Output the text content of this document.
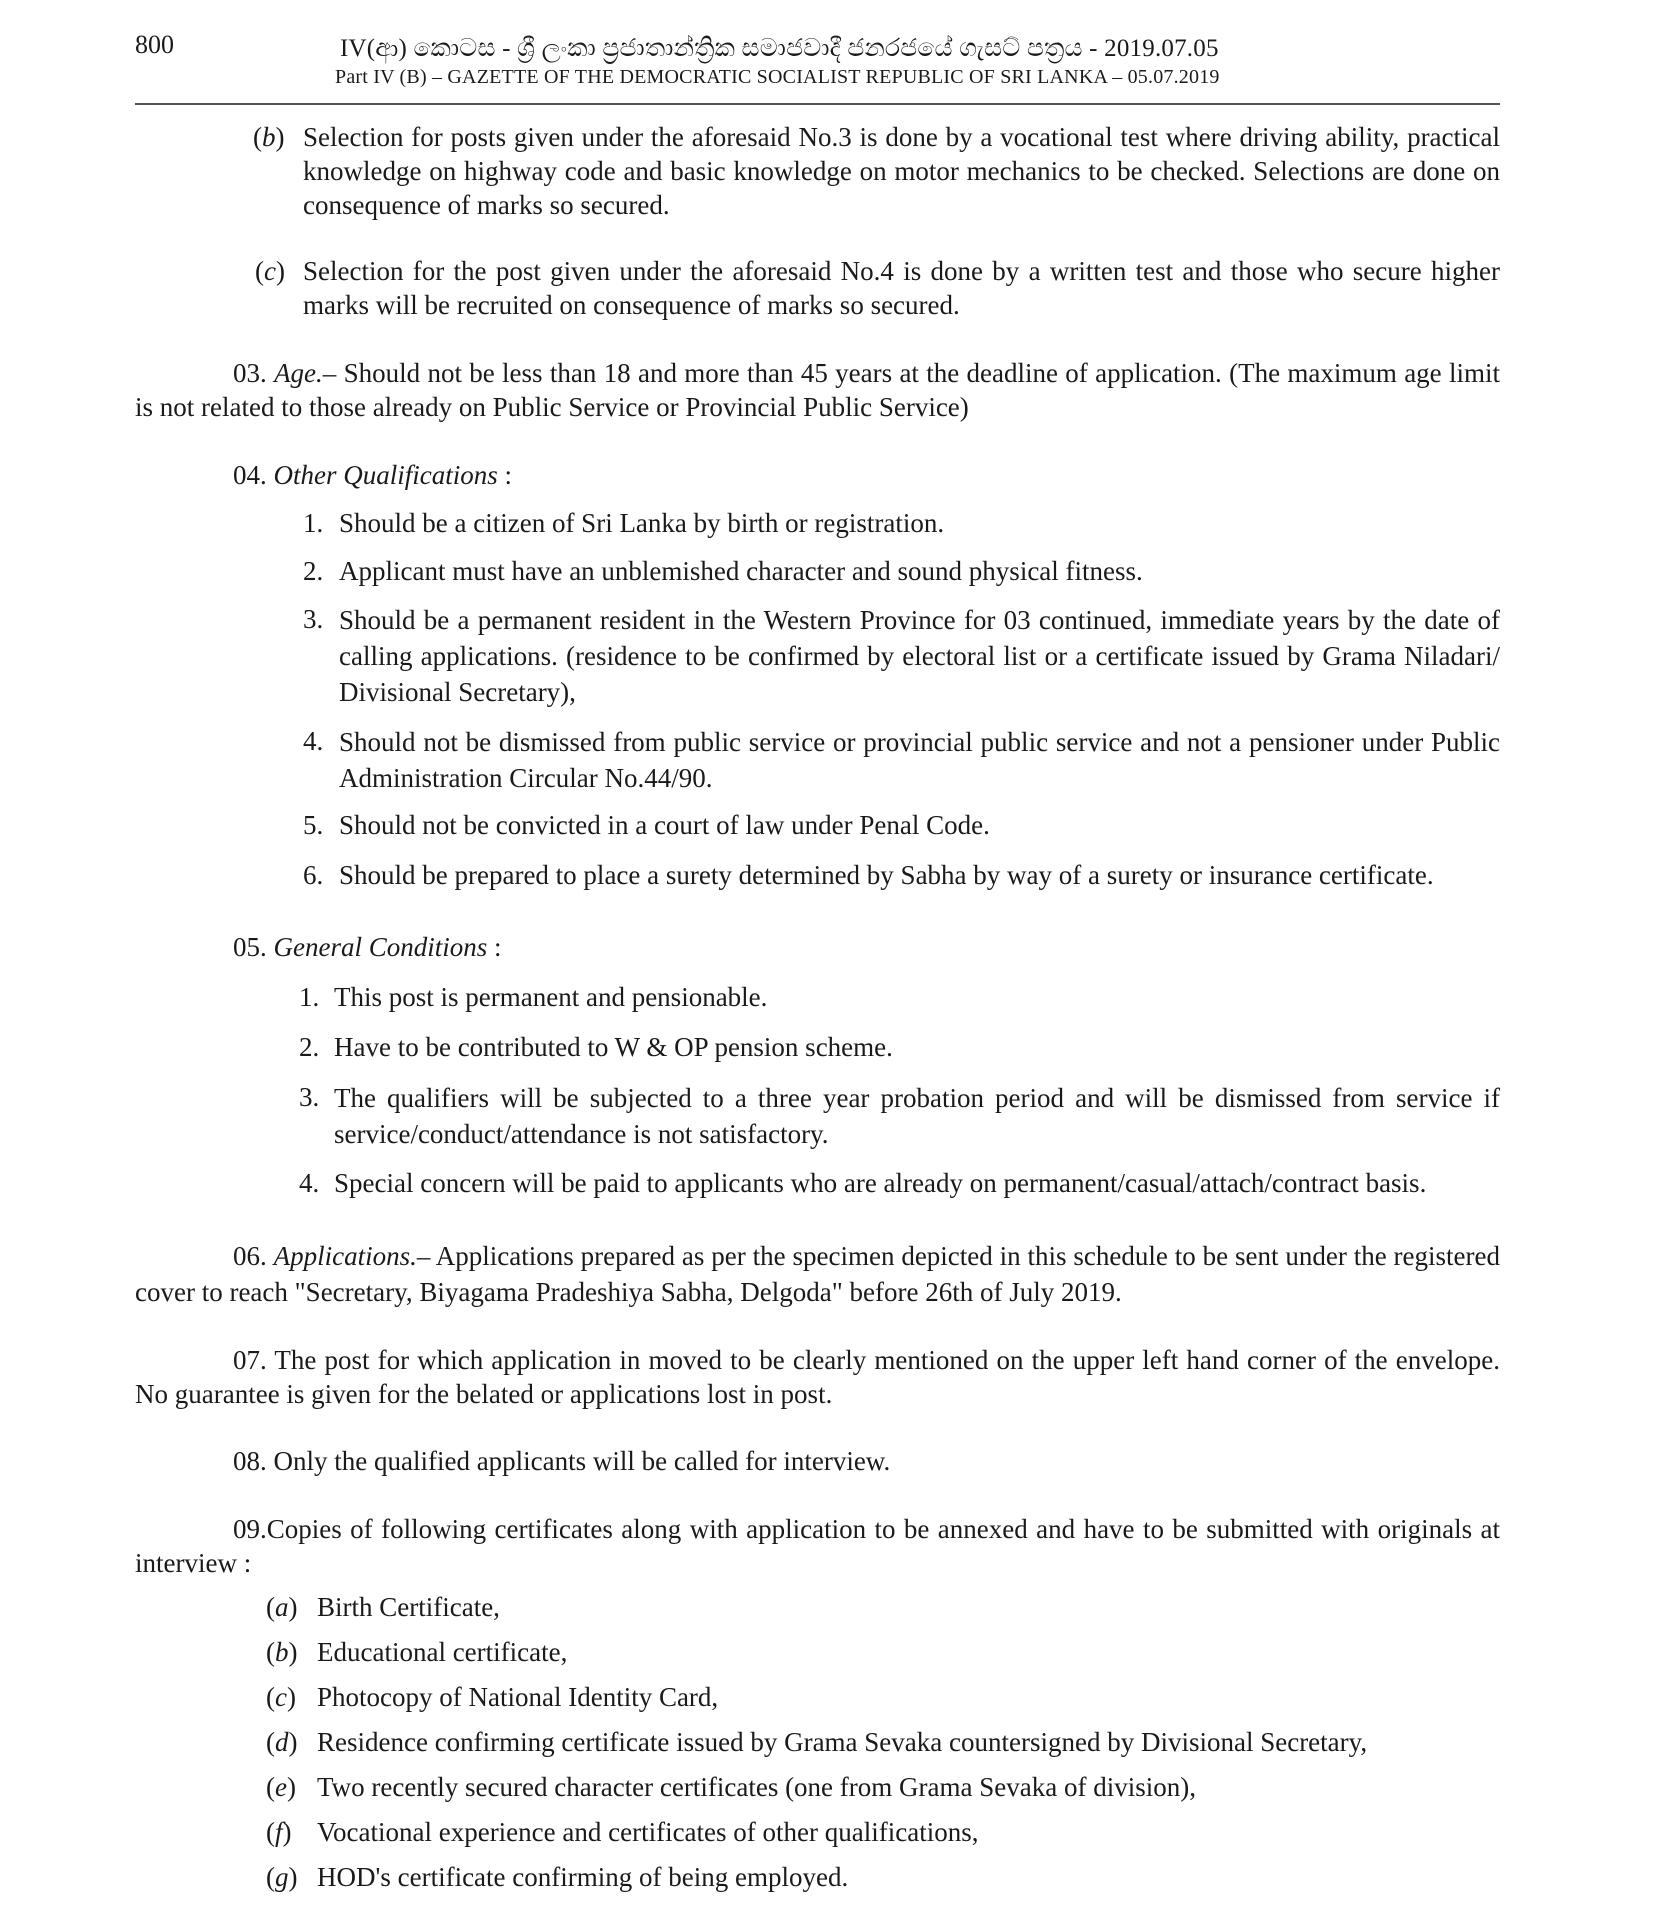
800	IV(ආ) කොටස - ශ්‍රී ලංකා ප්‍රජාතාන්ත්‍රික සමාජවාදී ජනරජයේ ගැසට් පත්‍රය - 2019.07.05
Part IV (B) – GAZETTE OF THE DEMOCRATIC SOCIALIST REPUBLIC OF SRI LANKA – 05.07.2019
(b) Selection for posts given under the aforesaid No.3 is done by a vocational test where driving ability, practical knowledge on highway code and basic knowledge on motor mechanics to be checked. Selections are done on consequence of marks so secured.
(c) Selection for the post given under the aforesaid No.4 is done by a written test and those who secure higher marks will be recruited on consequence of marks so secured.
03. Age.– Should not be less than 18 and more than 45 years at the deadline of application. (The maximum age limit is not related to those already on Public Service or Provincial Public Service)
04. Other Qualifications :
1. Should be a citizen of Sri Lanka by birth or registration.
2. Applicant must have an unblemished character and sound physical fitness.
3. Should be a permanent resident in the Western Province for 03 continued, immediate years by the date of calling applications. (residence to be confirmed by electoral list or a certificate issued by Grama Niladari/ Divisional Secretary),
4. Should not be dismissed from public service or provincial public service and not a pensioner under Public Administration Circular No.44/90.
5. Should not be convicted in a court of law under Penal Code.
6. Should be prepared to place a surety determined by Sabha by way of a surety or insurance certificate.
05. General Conditions :
1. This post is permanent and pensionable.
2. Have to be contributed to W & OP pension scheme.
3. The qualifiers will be subjected to a three year probation period and will be dismissed from service if service/conduct/attendance is not satisfactory.
4. Special concern will be paid to applicants who are already on permanent/casual/attach/contract basis.
06. Applications.– Applications prepared as per the specimen depicted in this schedule to be sent under the registered cover to reach "Secretary, Biyagama Pradeshiya Sabha, Delgoda" before 26th of July 2019.
07. The post for which application in moved to be clearly mentioned on the upper left hand corner of the envelope. No guarantee is given for the belated or applications lost in post.
08. Only the qualified applicants will be called for interview.
09.Copies of following certificates along with application to be annexed and have to be submitted with originals at interview :
(a) Birth Certificate,
(b) Educational certificate,
(c) Photocopy of National Identity Card,
(d) Residence confirming certificate issued by Grama Sevaka countersigned by Divisional Secretary,
(e) Two recently secured character certificates (one from Grama Sevaka of division),
(f) Vocational experience and certificates of other qualifications,
(g) HOD's certificate confirming of being employed.
